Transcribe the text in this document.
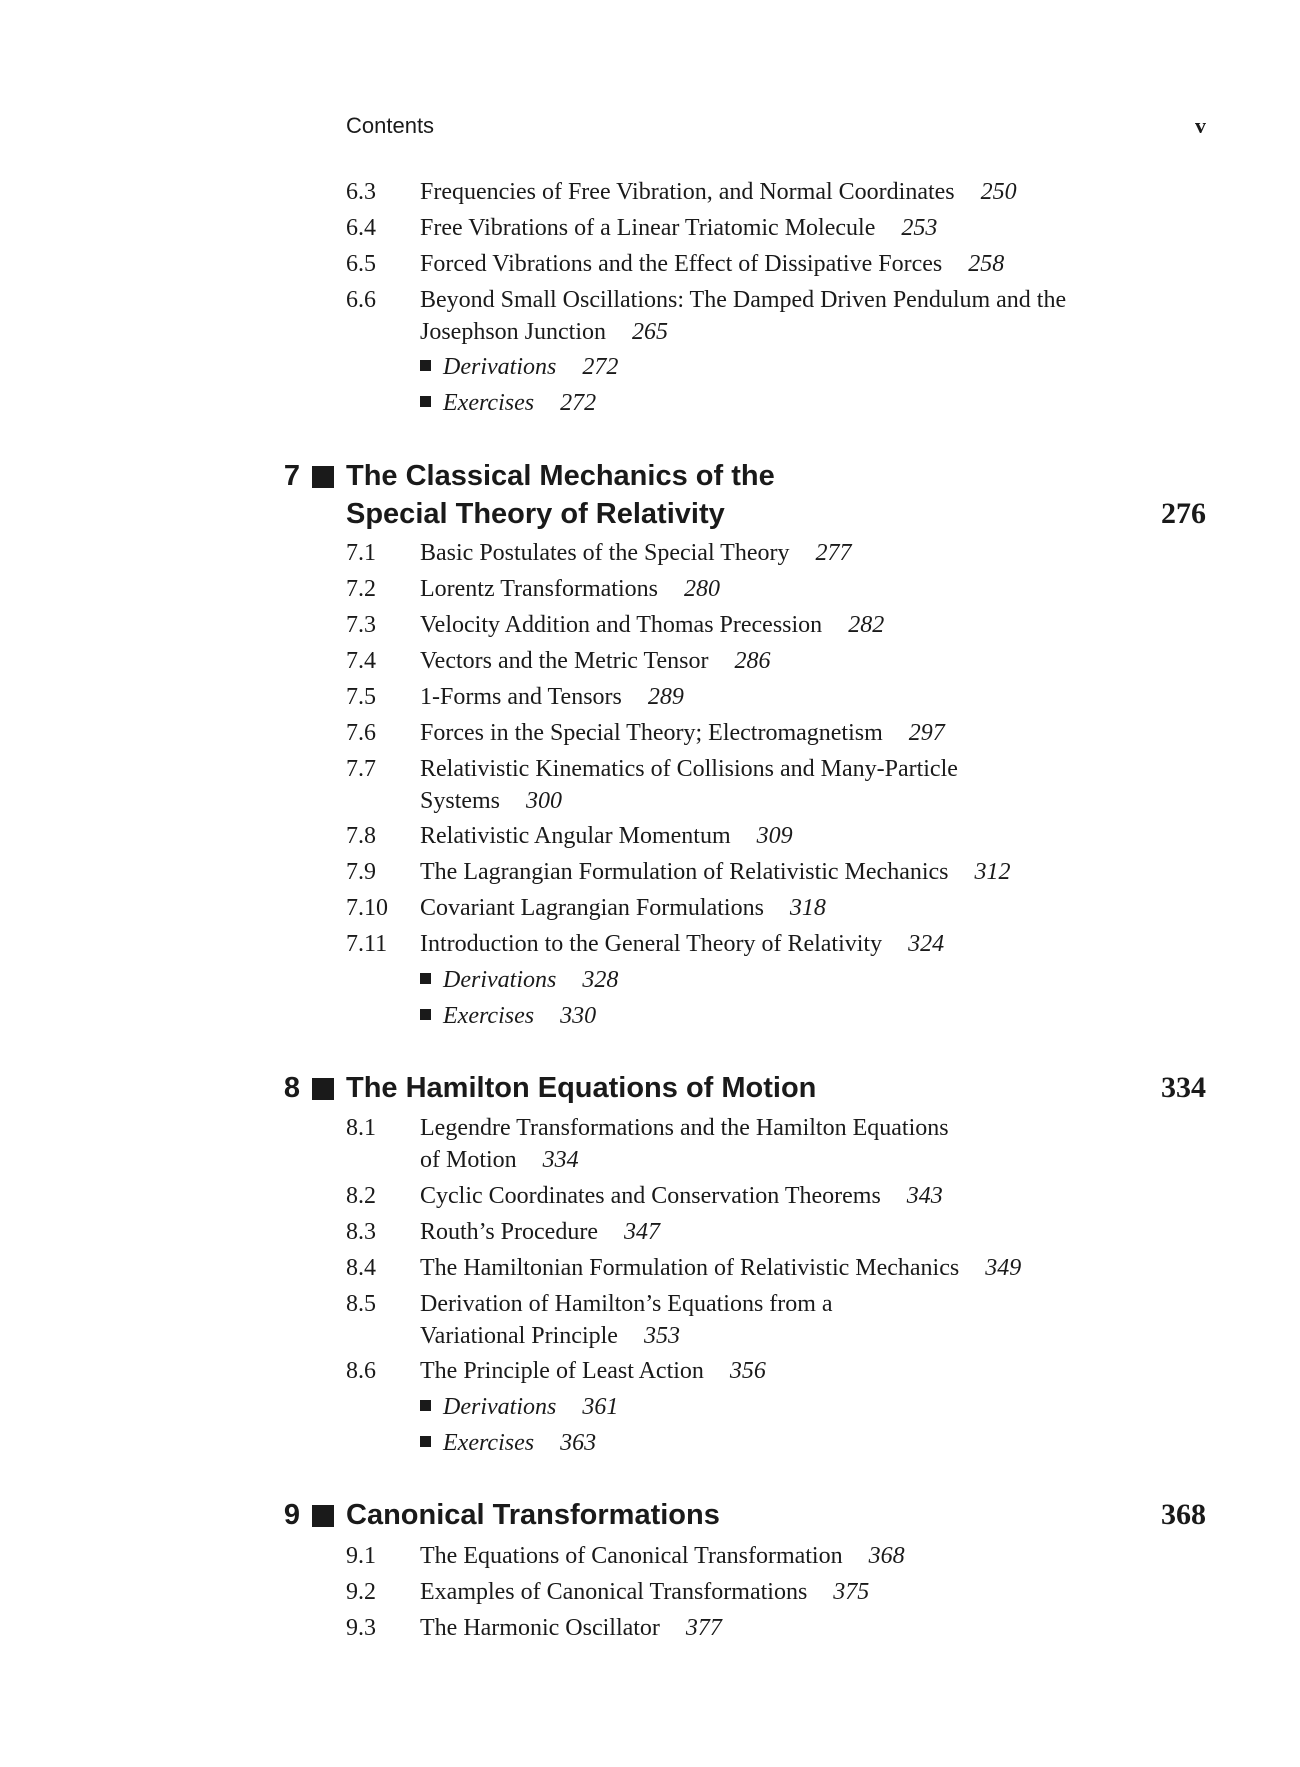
Contents	v
6.3 Frequencies of Free Vibration, and Normal Coordinates 250
6.4 Free Vibrations of a Linear Triatomic Molecule 253
6.5 Forced Vibrations and the Effect of Dissipative Forces 258
6.6 Beyond Small Oscillations: The Damped Driven Pendulum and the
Josephson Junction 265
Derivations 272
Exercises 272
7 The Classical Mechanics of the
Special Theory of Relativity	276
7.1 Basic Postulates of the Special Theory 277
7.2 Lorentz Transformations 280
7.3 Velocity Addition and Thomas Precession 282
7.4 Vectors and the Metric Tensor 286
7.5 1-Forms and Tensors 289
7.6 Forces in the Special Theory; Electromagnetism 297
7.7 Relativistic Kinematics of Collisions and Many-Particle
Systems 300
7.8 Relativistic Angular Momentum 309
7.9 The Lagrangian Formulation of Relativistic Mechanics 312
7.10 Covariant Lagrangian Formulations 318
7.11 Introduction to the General Theory of Relativity 324
Derivations 328
Exercises 330
8 The Hamilton Equations of Motion	334
8.1 Legendre Transformations and the Hamilton Equations
of Motion 334
8.2 Cyclic Coordinates and Conservation Theorems 343
8.3 Routh’s Procedure 347
8.4 The Hamiltonian Formulation of Relativistic Mechanics 349
8.5 Derivation of Hamilton’s Equations from a
Variational Principle 353
8.6 The Principle of Least Action 356
Derivations 361
Exercises 363
9 Canonical Transformations	368
9.1 The Equations of Canonical Transformation 368
9.2 Examples of Canonical Transformations 375
9.3 The Harmonic Oscillator 377
